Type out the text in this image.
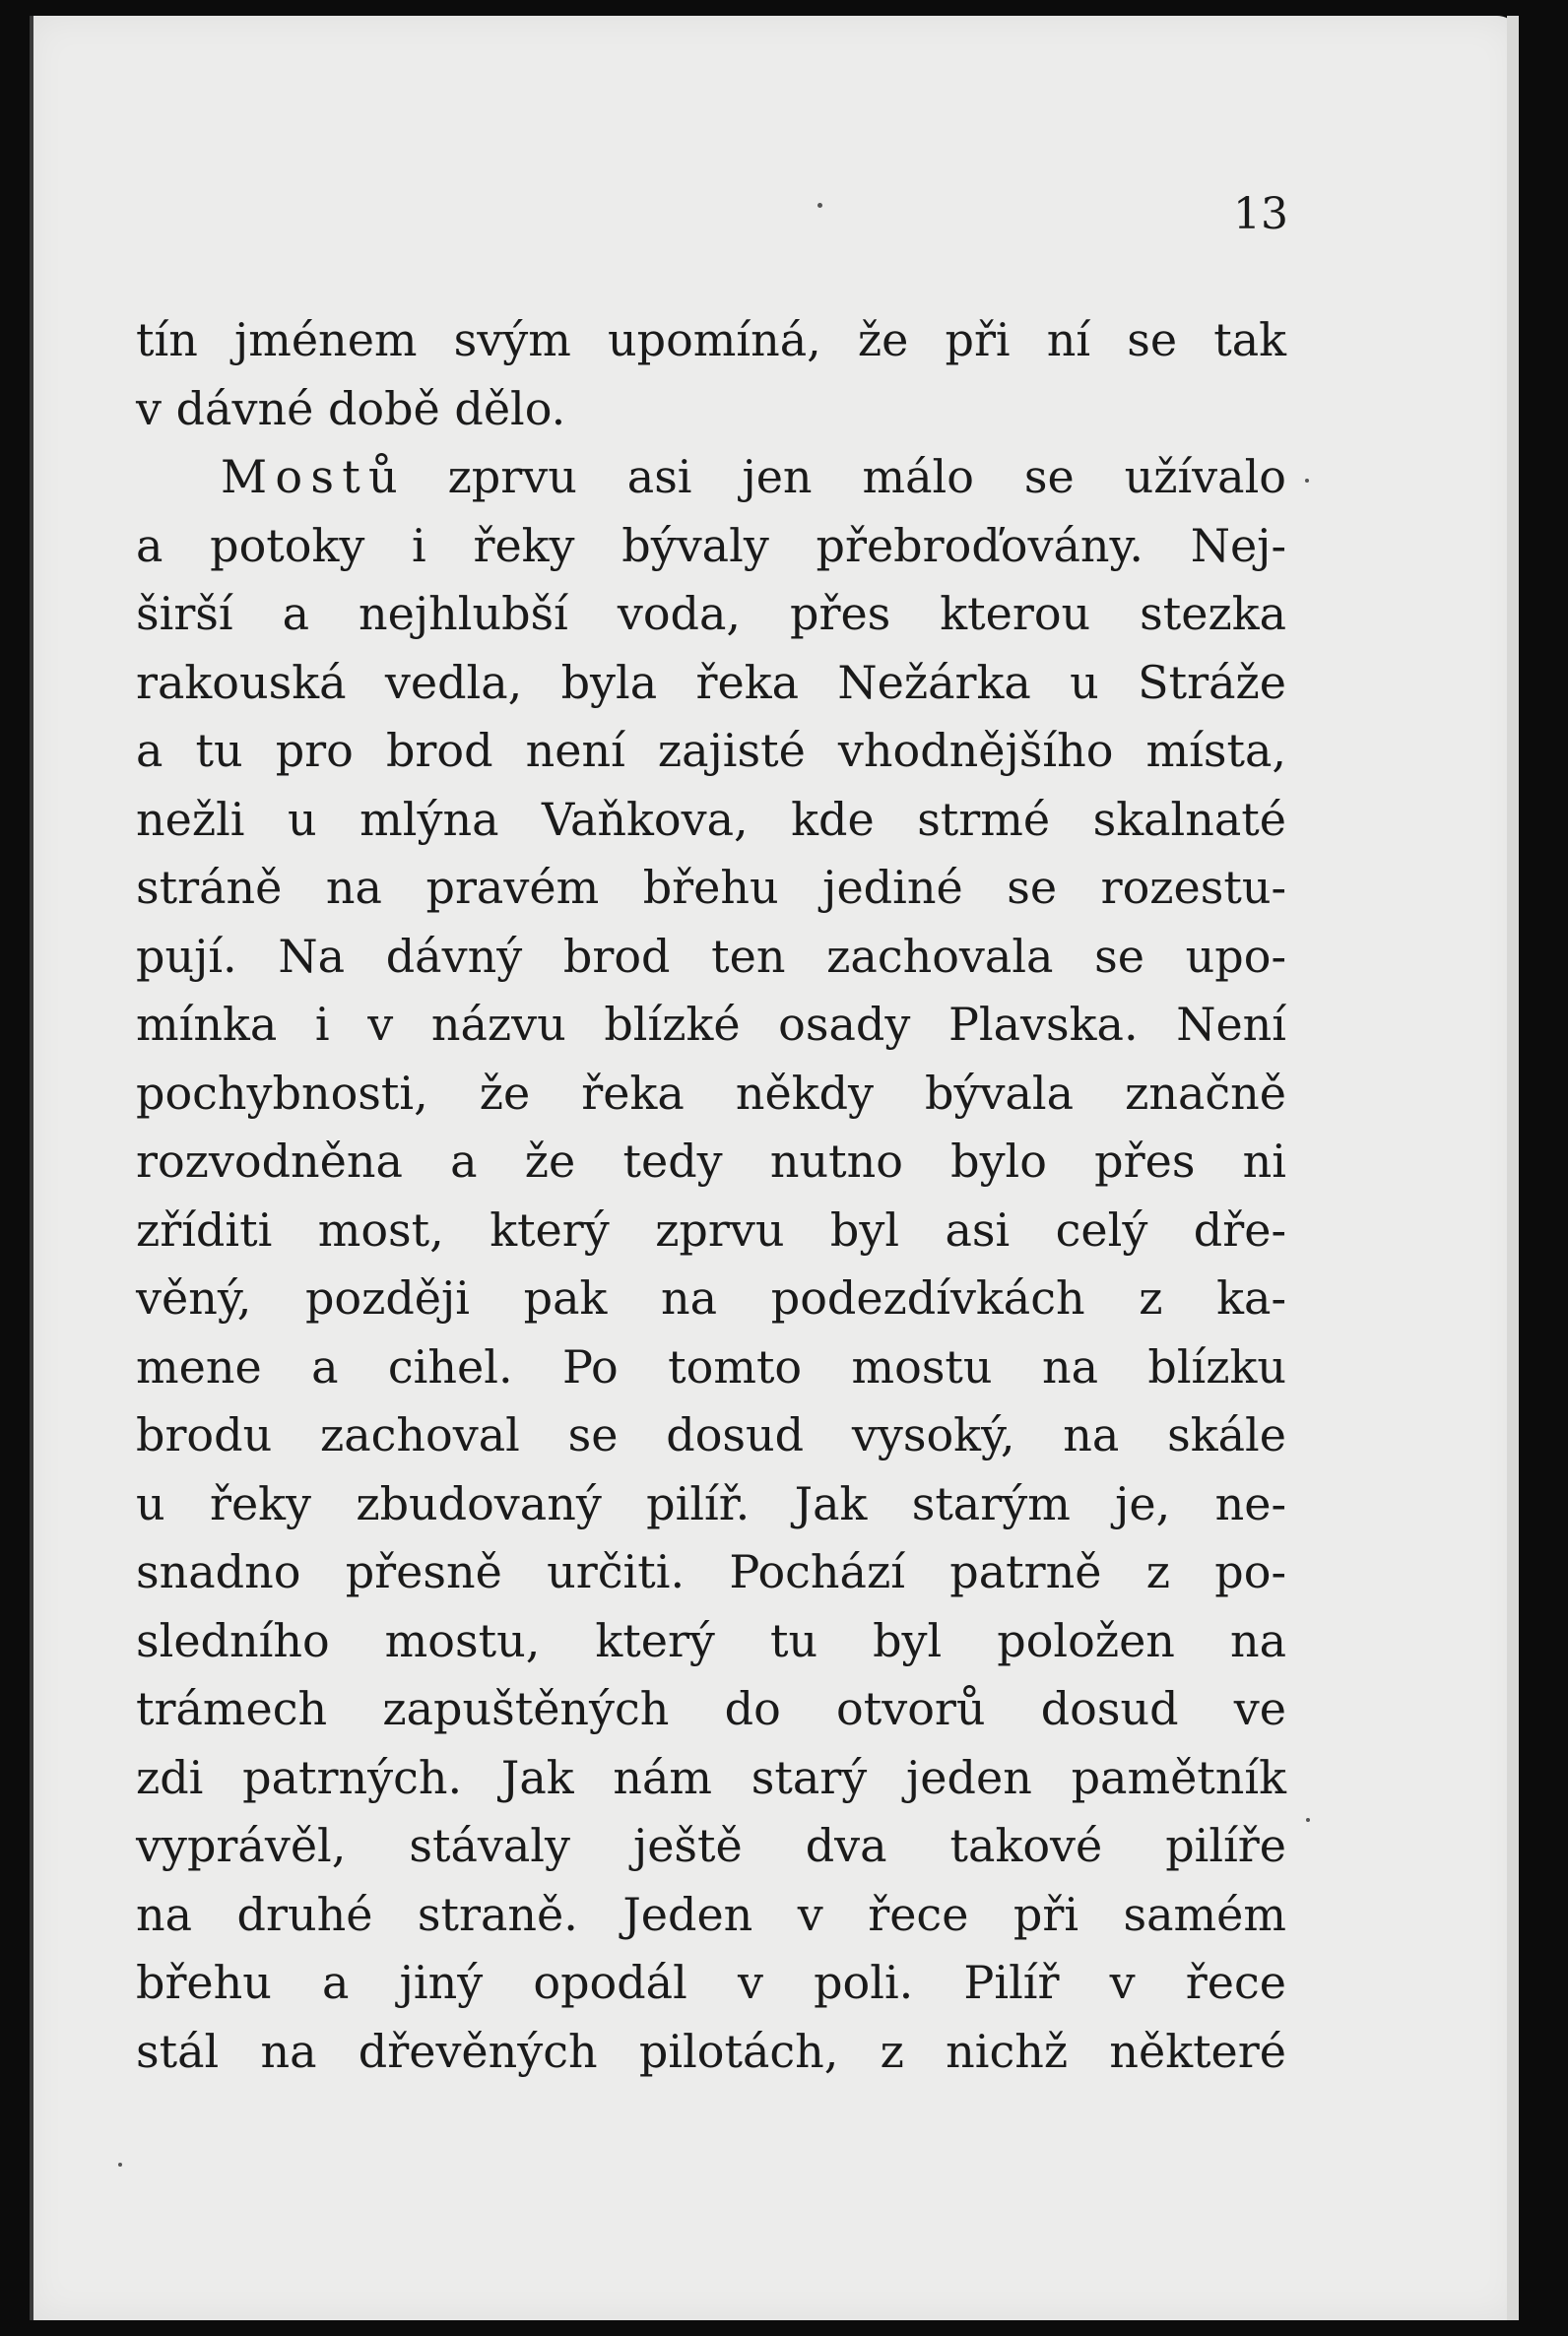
13
tín jménem svým upomíná, že při ní se tak
v dávné době dělo.
Mostů zprvu asi jen málo se užívalo
a potoky i řeky bývaly přebroďovány. Nej-
širší a nejhlubší voda, přes kterou stezka
rakouská vedla, byla řeka Nežárka u Stráže
a tu pro brod není zajisté vhodnějšího místa,
nežli u mlýna Vaňkova, kde strmé skalnaté
stráně na pravém břehu jediné se rozestu-
pují. Na dávný brod ten zachovala se upo-
mínka i v názvu blízké osady Plavska. Není
pochybnosti, že řeka někdy bývala značně
rozvodněna a že tedy nutno bylo přes ni
zříditi most, který zprvu byl asi celý dře-
věný, později pak na podezdívkách z ka-
mene a cihel. Po tomto mostu na blízku
brodu zachoval se dosud vysoký, na skále
u řeky zbudovaný pilíř. Jak starým je, ne-
snadno přesně určiti. Pochází patrně z po-
sledního mostu, který tu byl položen na
trámech zapuštěných do otvorů dosud ve
zdi patrných. Jak nám starý jeden pamětník
vyprávěl, stávaly ještě dva takové pilíře
na druhé straně. Jeden v řece při samém
břehu a jiný opodál v poli. Pilíř v řece
stál na dřevěných pilotách, z nichž některé
